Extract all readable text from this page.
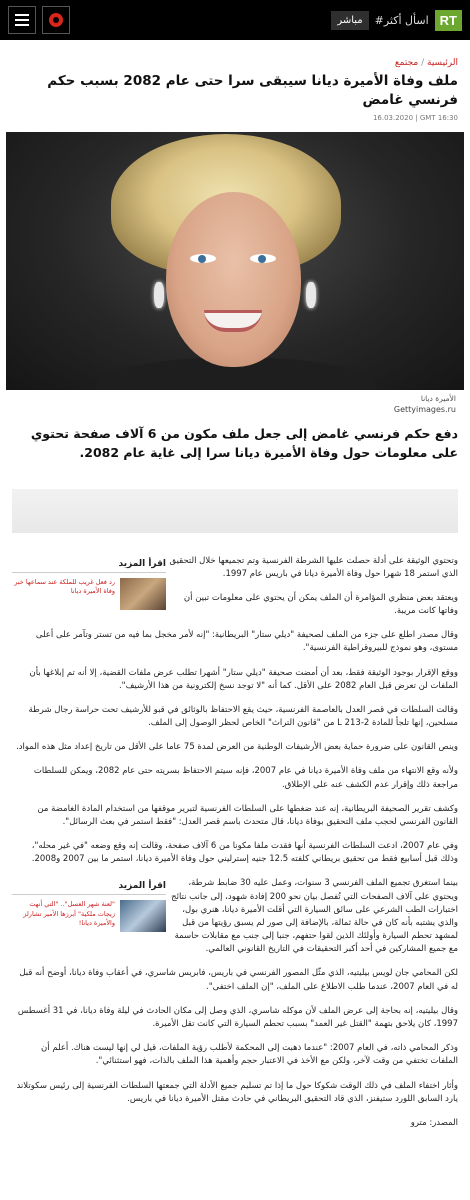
مباشر	#اسأل أكثر RT
الرئيسية / مجتمع
ملف وفاة الأميرة ديانا سيبقى سرا حتى عام 2082 بسبب حكم فرنسي غامض
16.03.2020 | GMT 16:30
الأميرة ديانا
Gettyimages.ru

دفع حكم فرنسي غامض إلى جعل ملف مكون من 6 آلاف صفحة تحتوي على معلومات حول وفاة الأميرة ديانا سرا إلى غاية عام 2082.

اقرأ المزيد
رد فعل غريب للملكة عند سماعها خبر وفاة الأميرة ديانا

وتحتوي الوثيقة على أدلة حصلت عليها الشرطة الفرنسية وتم تجميعها خلال التحقيق الذي استمر 18 شهرا حول وفاة الأميرة ديانا في باريس عام 1997.

ويعتقد بعض منظري المؤامرة أن الملف يمكن أن يحتوي على معلومات تبين أن وفاتها كانت مريبة.

وقال مصدر اطلع على جزء من الملف لصحيفة "ديلي ستار" البريطانية: "إنه لأمر مخجل بما فيه من تستر وتآمر على أعلى مستوى، وهو نموذج للبيروقراطية الفرنسية".

ووقع الإقرار بوجود الوثيقة فقط، بعد أن أمضت صحيفة "ديلي ستار" أشهرا تطلب عرض ملفات القضية، إلا أنه تم إبلاغها بأن الملفات لن تعرض قبل العام 2082 على الأقل. كما أنه "لا توجد نسخ إلكترونية من هذا الأرشيف".

وقالت السلطات في قصر العدل بالعاصمة الفرنسية، حيث يقع الاحتفاظ بالوثائق في قبو للأرشيف تحت حراسة رجال شرطة مسلحين، إنها تلجأ للمادة 2-213 L من "قانون التراث" الخاص لحظر الوصول إلى الملف.

وينص القانون على ضرورة حماية بعض الأرشيفات الوطنية من العرض لمدة 75 عاما على الأقل من تاريخ إعداد مثل هذه المواد.

ولأنه وقع الانتهاء من ملف وفاة الأميرة ديانا في عام 2007، فإنه سيتم الاحتفاظ بسريته حتى عام 2082، ويمكن للسلطات مراجعة ذلك وإقرار عدم الكشف عنه على الإطلاق.

وكشف تقرير الصحيفة البريطانية، إنه عند ضغطها على السلطات الفرنسية لتبرير موقفها من استخدام المادة الغامضة من القانون الفرنسي لحجب ملف التحقيق بوفاة ديانا، قال متحدث باسم قصر العدل: "فقط استمر في بعث الرسائل".

وفي عام 2007، ادعت السلطات الفرنسية أنها فقدت ملفا مكونا من 6 آلاف صفحة، وقالت إنه وقع وضعه "في غير محله"، وذلك قبل أسابيع فقط من تحقيق بريطاني كلفته 12.5 جنيه إسترليني حول وفاة الأميرة ديانا، استمر ما بين 2007 و2008.

اقرأ المزيد
"لعنة شهر العسل".. "التي أنهت زيجات ملكية" أبرزها الأمير تشارلز والأميرة ديانا!

بينما استغرق تجميع الملف الفرنسي 3 سنوات، وعمل عليه 30 ضابط شرطة، ويحتوي على آلاف الصفحات التي تُفصل بيان نحو 200 إفادة شهود، إلى جانب نتائج اختبارات الطب الشرعي على سائق السيارة التي أقلت الأميرة ديانا، هنري بول، والذي يشتبه بأنه كان في حالة ثمالة، بالإضافة إلى صور لم يسبق رؤيتها من قبل لمشهد تحطم السيارة وأولئك الذين لقوا حتفهم، جنبا إلى جنب مع مقابلات حاسمة مع جميع المشاركين في أحد أكبر التحقيقات في التاريخ القانوني العالمي.

لكن المحامي جان لويس بيليتيه، الذي مثّل المصور الفرنسي في باريس، فابريس شاسري، في أعقاب وفاة ديانا، أوضح أنه قبل له في العام 2007، عندما طلب الاطلاع على الملف، "إن الملف اختفى".

وقال بيليتيه، إنه بحاجة إلى عرض الملف لأن موكله شاسري، الذي وصل إلى مكان الحادث في ليلة وفاة ديانا، في 31 أغسطس 1997، كان يلاحق بتهمة "القتل غير العمد" بسبب تحطم السيارة التي كانت تقل الأميرة.

وذكر المحامي ذاته، في العام 2007: "عندما ذهبت إلى المحكمة لأطلب رؤية الملفات، قيل لي إنها ليست هناك. أعلم أن الملفات تختفي من وقت لآخر، ولكن مع الأخذ في الاعتبار حجم وأهمية هذا الملف بالذات، فهو استثنائي".

وأثار اختفاء الملف في ذلك الوقت شكوكا حول ما إذا تم تسليم جميع الأدلة التي جمعتها السلطات الفرنسية إلى رئيس سكوتلاند يارد السابق اللورد ستيفنز، الذي قاد التحقيق البريطاني في حادث مقتل الأميرة ديانا في باريس.

المصدر: مترو
